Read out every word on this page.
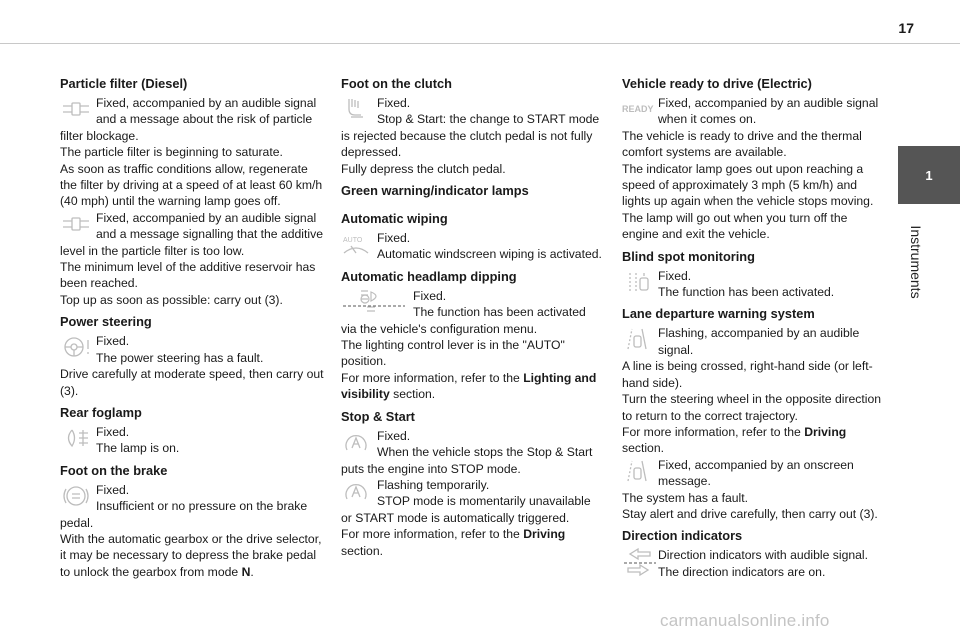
17
1
Instruments
Particle filter (Diesel)

Fixed, accompanied by an audible signal and a message about the risk of particle

filter blockage.

The particle filter is beginning to saturate.

As soon as traffic conditions allow, regenerate the filter by driving at a speed of at least 60 km/h (40 mph) until the warning lamp goes off.

Fixed, accompanied by an audible signal and a message signalling that the additive

level in the particle filter is too low.

The minimum level of the additive reservoir has been reached.

Top up as soon as possible: carry out (3).

Power steering

Fixed.

The power steering has a fault.

Drive carefully at moderate speed, then carry out (3).

Rear foglamp

Fixed.

The lamp is on.

Foot on the brake

Fixed.

Insufficient or no pressure on the brake

pedal.

With the automatic gearbox or the drive selector, it may be necessary to depress the brake pedal to unlock the gearbox from mode N.

Foot on the clutch

Fixed.

Stop & Start: the change to START mode

is rejected because the clutch pedal is not fully depressed.

Fully depress the clutch pedal.

Green warning/indicator lamps
Automatic wiping
AUTO Fixed.

Automatic windscreen wiping is activated.

Automatic headlamp dipping

Fixed.

The function has been activated

via the vehicle's configuration menu.

The lighting control lever is in the "AUTO" position.

For more information, refer to the Lighting and visibility section.

Stop & Start

Fixed.

When the vehicle stops the Stop & Start

puts the engine into STOP mode.

Flashing temporarily.

STOP mode is momentarily unavailable

or START mode is automatically triggered.

For more information, refer to the Driving section.

Vehicle ready to drive (Electric)
READY Fixed, accompanied by an audible signal when it comes on.

The vehicle is ready to drive and the thermal comfort systems are available.

The indicator lamp goes out upon reaching a speed of approximately 3 mph (5 km/h) and lights up again when the vehicle stops moving.

The lamp will go out when you turn off the engine and exit the vehicle.

Blind spot monitoring

Fixed.

The function has been activated.

Lane departure warning system

Flashing, accompanied by an audible signal.

A line is being crossed, right-hand side (or left-hand side).

Turn the steering wheel in the opposite direction to return to the correct trajectory.

For more information, refer to the Driving section.

Fixed, accompanied by an onscreen message.

The system has a fault.

Stay alert and drive carefully, then carry out (3).

Direction indicators

Direction indicators with audible signal.

The direction indicators are on.

carmanualsonline.info
